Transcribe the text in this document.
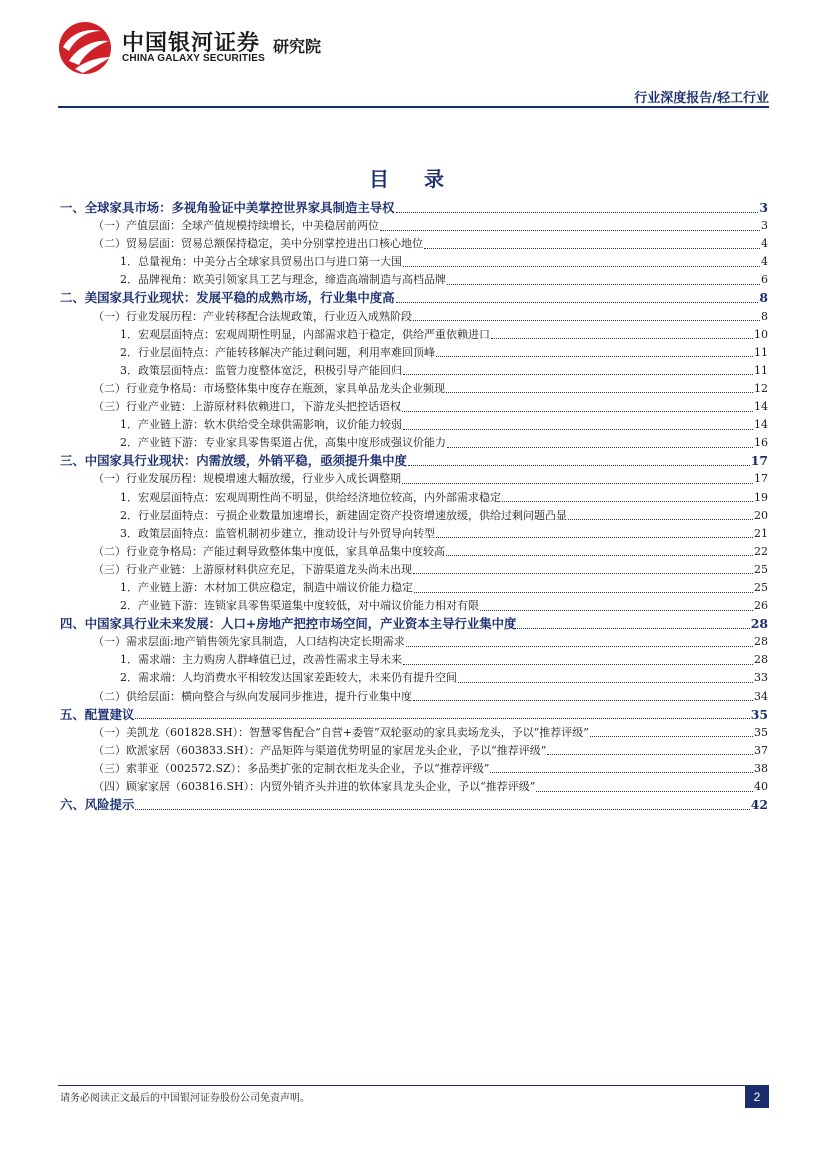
中国银河证券 研究院
CHINA GALAXY SECURITIES
行业深度报告/轻工行业
目 录
一、全球家具市场：多视角验证中美掌控世界家具制造主导权	3
（一）产值层面：全球产值规模持续增长，中美稳居前两位	3
（二）贸易层面：贸易总额保持稳定，美中分别掌控进出口核心地位	4
1．总量视角：中美分占全球家具贸易出口与进口第一大国	4
2．品牌视角：欧美引领家具工艺与理念，缔造高端制造与高档品牌	6
二、美国家具行业现状：发展平稳的成熟市场，行业集中度高	8
（一）行业发展历程：产业转移配合法规政策，行业迈入成熟阶段	8
1．宏观层面特点：宏观周期性明显，内部需求趋于稳定，供给严重依赖进口	10
2．行业层面特点：产能转移解决产能过剩问题，利用率难回顶峰	11
3．政策层面特点：监管力度整体宽泛，积极引导产能回归	11
（二）行业竞争格局：市场整体集中度存在瓶颈，家具单品龙头企业频现	12
（三）行业产业链：上游原材料依赖进口，下游龙头把控话语权	14
1．产业链上游：软木供给受全球供需影响，议价能力较弱	14
2．产业链下游：专业家具零售渠道占优，高集中度形成强议价能力	16
三、中国家具行业现状：内需放缓，外销平稳，亟须提升集中度	17
（一）行业发展历程：规模增速大幅放缓，行业步入成长调整期	17
1．宏观层面特点：宏观周期性尚不明显，供给经济地位较高，内外部需求稳定	19
2．行业层面特点：亏损企业数量加速增长，新建固定资产投资增速放缓，供给过剩问题凸显	20
3．政策层面特点：监管机制初步建立，推动设计与外贸导向转型	21
（二）行业竞争格局：产能过剩导致整体集中度低，家具单品集中度较高	22
（三）行业产业链：上游原材料供应充足，下游渠道龙头尚未出现	25
1．产业链上游：木材加工供应稳定，制造中端议价能力稳定	25
2．产业链下游：连锁家具零售渠道集中度较低，对中端议价能力相对有限	26
四、中国家具行业未来发展：人口+房地产把控市场空间，产业资本主导行业集中度	28
（一）需求层面:地产销售领先家具制造，人口结构决定长期需求	28
1．需求端：主力购房人群峰值已过，改善性需求主导未来	28
2．需求端：人均消费水平相较发达国家差距较大，未来仍有提升空间	33
（二）供给层面：横向整合与纵向发展同步推进，提升行业集中度	34
五、配置建议	35
（一）美凯龙（601828.SH）：智慧零售配合“自营+委管”双轮驱动的家具卖场龙头，予以“推荐评级”	35
（二）欧派家居（603833.SH）：产品矩阵与渠道优势明显的家居龙头企业，予以“推荐评级”	37
（三）索菲亚（002572.SZ）：多品类扩张的定制衣柜龙头企业，予以“推荐评级”	38
（四）顾家家居（603816.SH）：内贸外销齐头并进的软体家具龙头企业，予以“推荐评级”	40
六、风险提示	42
请务必阅读正文最后的中国银河证券股份公司免责声明。	2
